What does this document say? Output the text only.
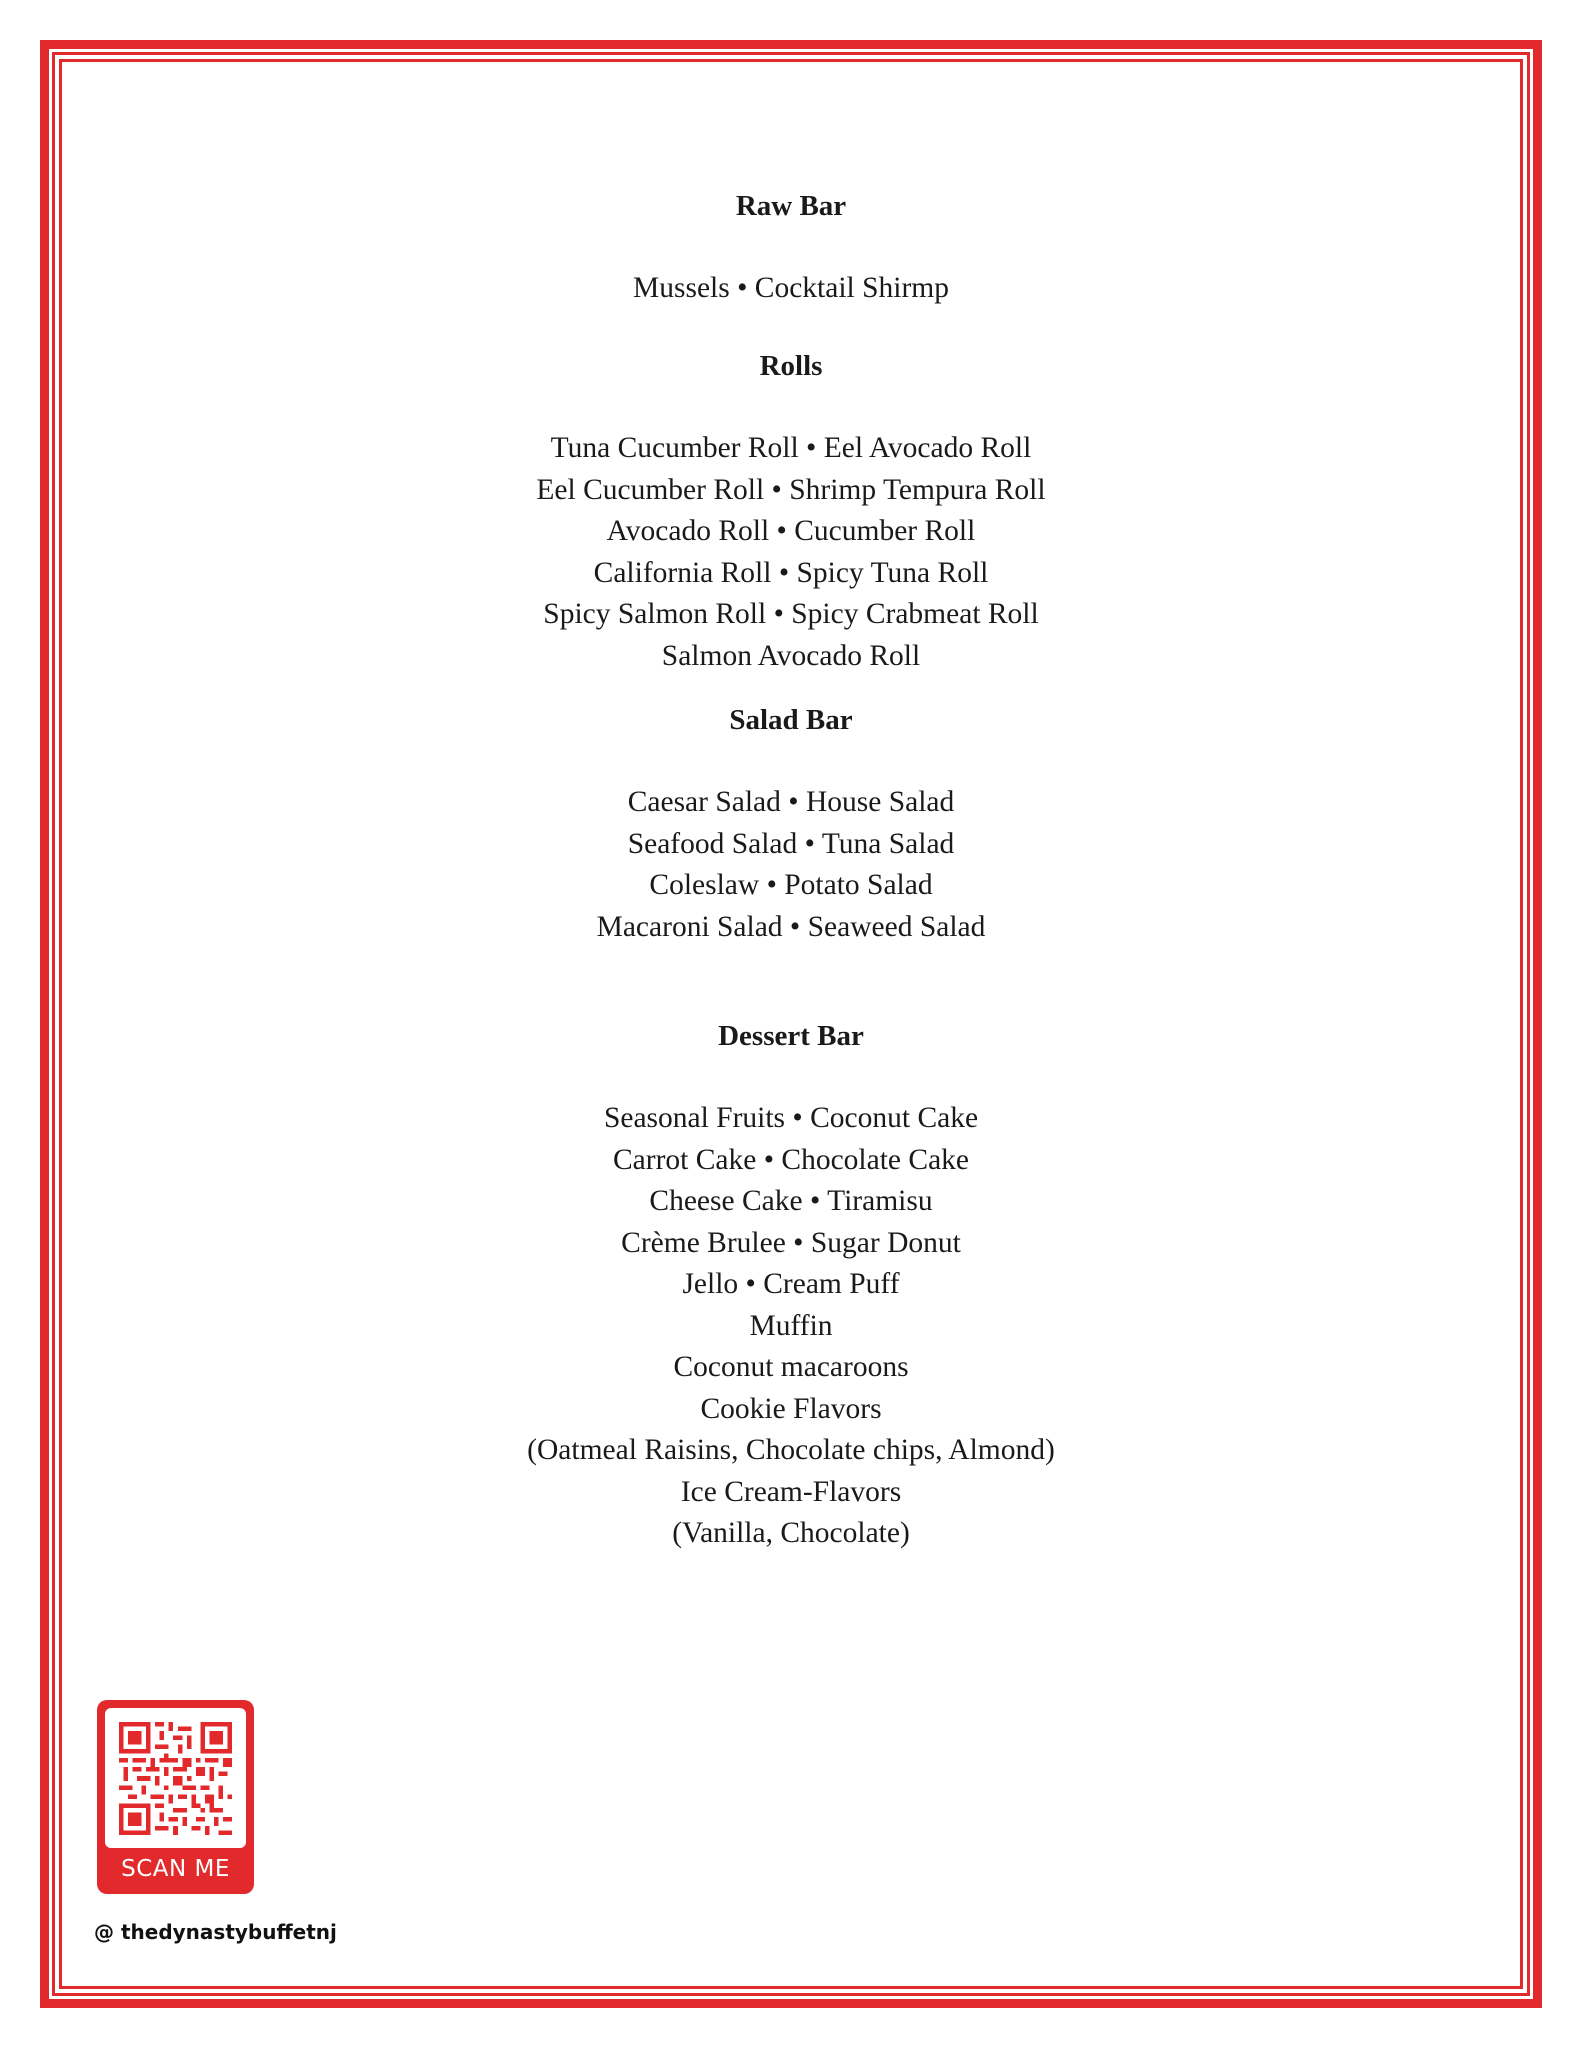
Raw Bar
Mussels • Cocktail Shirmp
Rolls
Tuna Cucumber Roll • Eel Avocado Roll
Eel Cucumber Roll • Shrimp Tempura Roll
Avocado Roll • Cucumber Roll
California Roll • Spicy Tuna Roll
Spicy Salmon Roll • Spicy Crabmeat Roll
Salmon Avocado Roll
Salad Bar
Caesar Salad • House Salad
Seafood Salad • Tuna Salad
Coleslaw • Potato Salad
Macaroni Salad • Seaweed Salad
Dessert Bar
Seasonal Fruits • Coconut Cake
Carrot Cake • Chocolate Cake
Cheese Cake • Tiramisu
Crème Brulee • Sugar Donut
Jello • Cream Puff
Muffin
Coconut macaroons
Cookie Flavors
(Oatmeal Raisins, Chocolate chips, Almond)
Ice Cream-Flavors
(Vanilla, Chocolate)
SCAN ME
@ thedynastybuffetnj
